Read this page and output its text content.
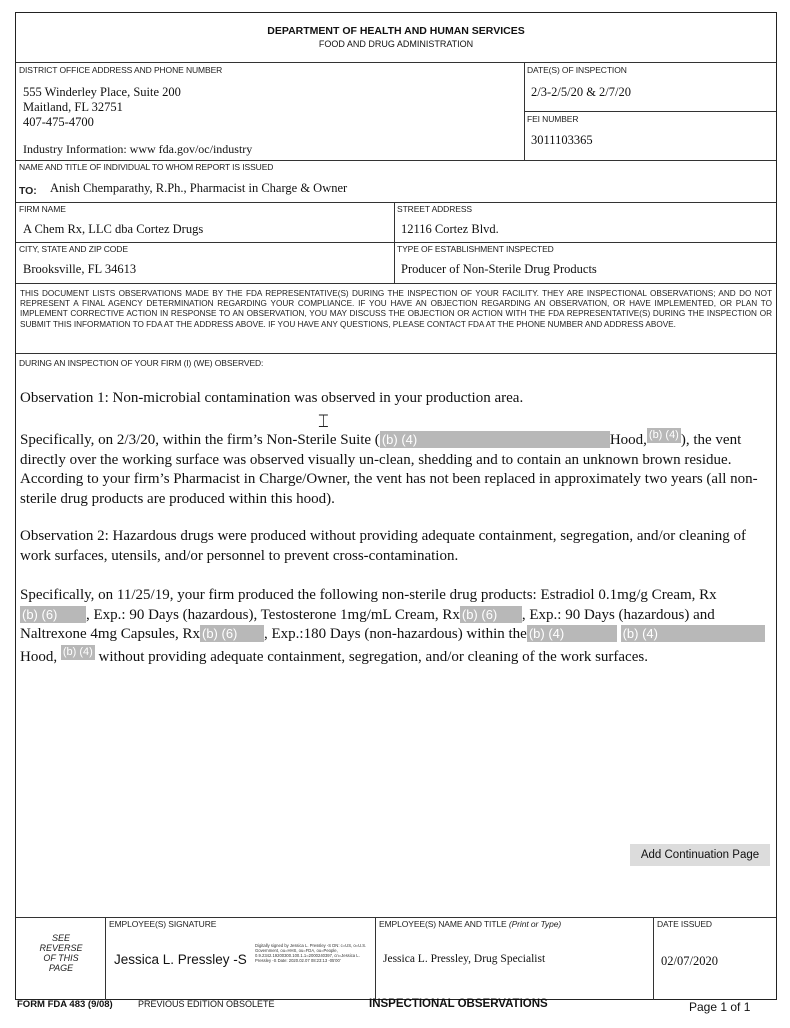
DEPARTMENT OF HEALTH AND HUMAN SERVICES
FOOD AND DRUG ADMINISTRATION
DISTRICT OFFICE ADDRESS AND PHONE NUMBER
555 Winderley Place, Suite 200
Maitland, FL 32751
407-475-4700
Industry Information: www fda.gov/oc/industry
DATE(S) OF INSPECTION
2/3-2/5/20 & 2/7/20
FEI NUMBER
3011103365
NAME AND TITLE OF INDIVIDUAL TO WHOM REPORT IS ISSUED
TO: Anish Chemparathy, R.Ph., Pharmacist in Charge & Owner
FIRM NAME
A Chem Rx, LLC dba Cortez Drugs
STREET ADDRESS
12116 Cortez Blvd.
CITY, STATE AND ZIP CODE
Brooksville, FL 34613
TYPE OF ESTABLISHMENT INSPECTED
Producer of Non-Sterile Drug Products
THIS DOCUMENT LISTS OBSERVATIONS MADE BY THE FDA REPRESENTATIVE(S) DURING THE INSPECTION OF YOUR FACILITY. THEY ARE INSPECTIONAL OBSERVATIONS; AND DO NOT REPRESENT A FINAL AGENCY DETERMINATION REGARDING YOUR COMPLIANCE. IF YOU HAVE AN OBJECTION REGARDING AN OBSERVATION, OR HAVE IMPLEMENTED, OR PLAN TO IMPLEMENT CORRECTIVE ACTION IN RESPONSE TO AN OBSERVATION, YOU MAY DISCUSS THE OBJECTION OR ACTION WITH THE FDA REPRESENTATIVE(S) DURING THE INSPECTION OR SUBMIT THIS INFORMATION TO FDA AT THE ADDRESS ABOVE. IF YOU HAVE ANY QUESTIONS, PLEASE CONTACT FDA AT THE PHONE NUMBER AND ADDRESS ABOVE.
DURING AN INSPECTION OF YOUR FIRM (I) (WE) OBSERVED:
Observation 1: Non-microbial contamination was observed in your production area.
Specifically, on 2/3/20, within the firm’s Non-Sterile Suite ( (b) (4)	Hood, (b) (4) ), the vent directly over the working surface was observed visually un-clean, shedding and to contain an unknown brown residue. According to your firm’s Pharmacist in Charge/Owner, the vent has not been replaced in approximately two years (all non-sterile drug products are produced within this hood).
Observation 2: Hazardous drugs were produced without providing adequate containment, segregation, and/or cleaning of work surfaces, utensils, and/or personnel to prevent cross-contamination.
Specifically, on 11/25/19, your firm produced the following non-sterile drug products: Estradiol 0.1mg/g Cream, Rx(b) (6) , Exp.: 90 Days (hazardous), Testosterone 1mg/mL Cream, Rx (b) (6) , Exp.: 90 Days (hazardous) and Naltrexone 4mg Capsules, Rx (b) (6) , Exp.:180 Days (non-hazardous) within the (b) (4)	(b) (4)Hood, (b) (4) without providing adequate containment, segregation, and/or cleaning of the work surfaces.
⌶
Add Continuation Page
SEE
REVERSE
OF THIS
PAGE
EMPLOYEE(S) SIGNATURE
Jessica L. Pressley -S
Digitally signed by Jessica L. Pressley -S DN: c=US, o=U.S. Government, ou=HHS, ou=FDA, ou=People, 0.9.2342.19200300.100.1.1=2000240397, cn=Jessica L. Pressley -S Date: 2020.02.07 08:23:13 -05'00'
EMPLOYEE(S) NAME AND TITLE (Print or Type)
Jessica L. Pressley, Drug Specialist
DATE ISSUED
02/07/2020
FORM FDA 483 (9/08)	PREVIOUS EDITION OBSOLETE	INSPECTIONAL OBSERVATIONS	Page 1 of 1
